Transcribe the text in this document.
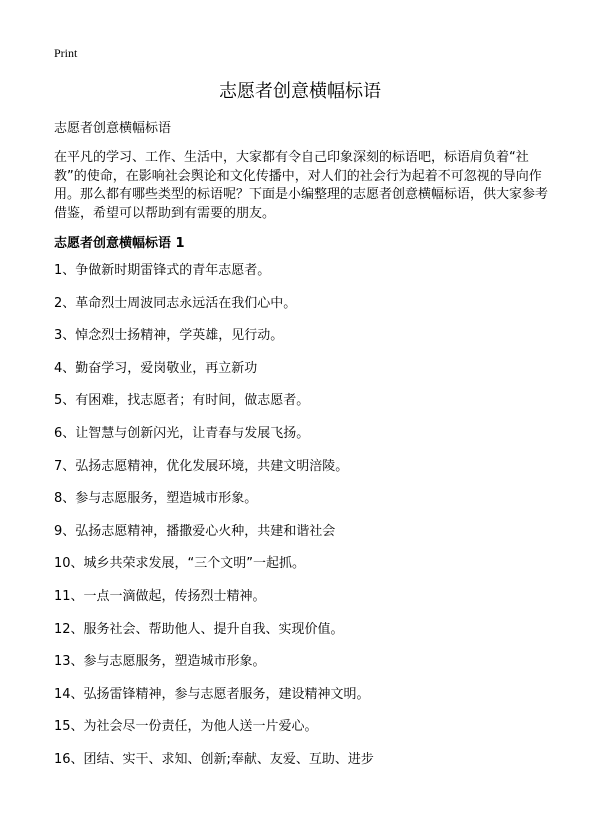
Print
志愿者创意横幅标语
志愿者创意横幅标语

在平凡的学习、工作、生活中，大家都有令自己印象深刻的标语吧，标语肩负着“社教”的使命，在影响社会舆论和文化传播中，对人们的社会行为起着不可忽视的导向作用。那么都有哪些类型的标语呢？下面是小编整理的志愿者创意横幅标语，供大家参考借鉴，希望可以帮助到有需要的朋友。

志愿者创意横幅标语 1
1、争做新时期雷锋式的青年志愿者。
2、革命烈士周波同志永远活在我们心中。
3、悼念烈士扬精神，学英雄，见行动。
4、勤奋学习，爱岗敬业，再立新功
5、有困难，找志愿者；有时间，做志愿者。
6、让智慧与创新闪光，让青春与发展飞扬。
7、弘扬志愿精神，优化发展环境，共建文明涪陵。
8、参与志愿服务，塑造城市形象。
9、弘扬志愿精神，播撒爱心火种，共建和谐社会
10、城乡共荣求发展，“三个文明”一起抓。
11、一点一滴做起，传扬烈士精神。
12、服务社会、帮助他人、提升自我、实现价值。
13、参与志愿服务，塑造城市形象。
14、弘扬雷锋精神，参与志愿者服务，建设精神文明。
15、为社会尽一份责任，为他人送一片爱心。
16、团结、实干、求知、创新;奉献、友爱、互助、进步
